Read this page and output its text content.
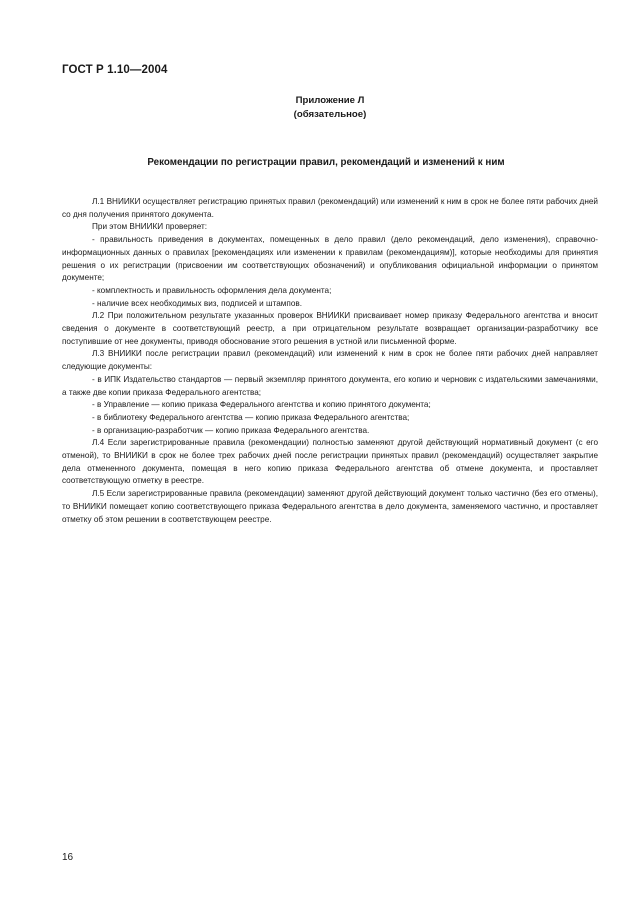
ГОСТ Р 1.10—2004
Приложение Л
(обязательное)
Рекомендации по регистрации правил, рекомендаций и изменений к ним

Л.1 ВНИИКИ осуществляет регистрацию принятых правил (рекомендаций) или изменений к ним в срок не более пяти рабочих дней со дня получения принятого документа.

При этом ВНИИКИ проверяет:

- правильность приведения в документах, помещенных в дело правил (дело рекомендаций, дело изменения), справочно-информационных данных о правилах [рекомендациях или изменении к правилам (рекомендациям)], которые необходимы для принятия решения о их регистрации (присвоении им соответствующих обозначений) и опубликования официальной информации о принятом документе;

- комплектность и правильность оформления дела документа;

- наличие всех необходимых виз, подписей и штампов.

Л.2 При положительном результате указанных проверок ВНИИКИ присваивает номер приказу Федерального агентства и вносит сведения о документе в соответствующий реестр, а при отрицательном результате возвращает организации-разработчику все поступившие от нее документы, приводя обоснование этого решения в устной или письменной форме.

Л.3 ВНИИКИ после регистрации правил (рекомендаций) или изменений к ним в срок не более пяти рабочих дней направляет следующие документы:

- в ИПК Издательство стандартов — первый экземпляр принятого документа, его копию и черновик с издательскими замечаниями, а также две копии приказа Федерального агентства;

- в Управление — копию приказа Федерального агентства и копию принятого документа;

- в библиотеку Федерального агентства — копию приказа Федерального агентства;

- в организацию-разработчик — копию приказа Федерального агентства.

Л.4 Если зарегистрированные правила (рекомендации) полностью заменяют другой действующий нормативный документ (с его отменой), то ВНИИКИ в срок не более трех рабочих дней после регистрации принятых правил (рекомендаций) осуществляет закрытие дела отмененного документа, помещая в него копию приказа Федерального агентства об отмене документа, и проставляет соответствующую отметку в реестре.

Л.5 Если зарегистрированные правила (рекомендации) заменяют другой действующий документ только частично (без его отмены), то ВНИИКИ помещает копию соответствующего приказа Федерального агентства в дело документа, заменяемого частично, и проставляет отметку об этом решении в соответствующем реестре.

16
